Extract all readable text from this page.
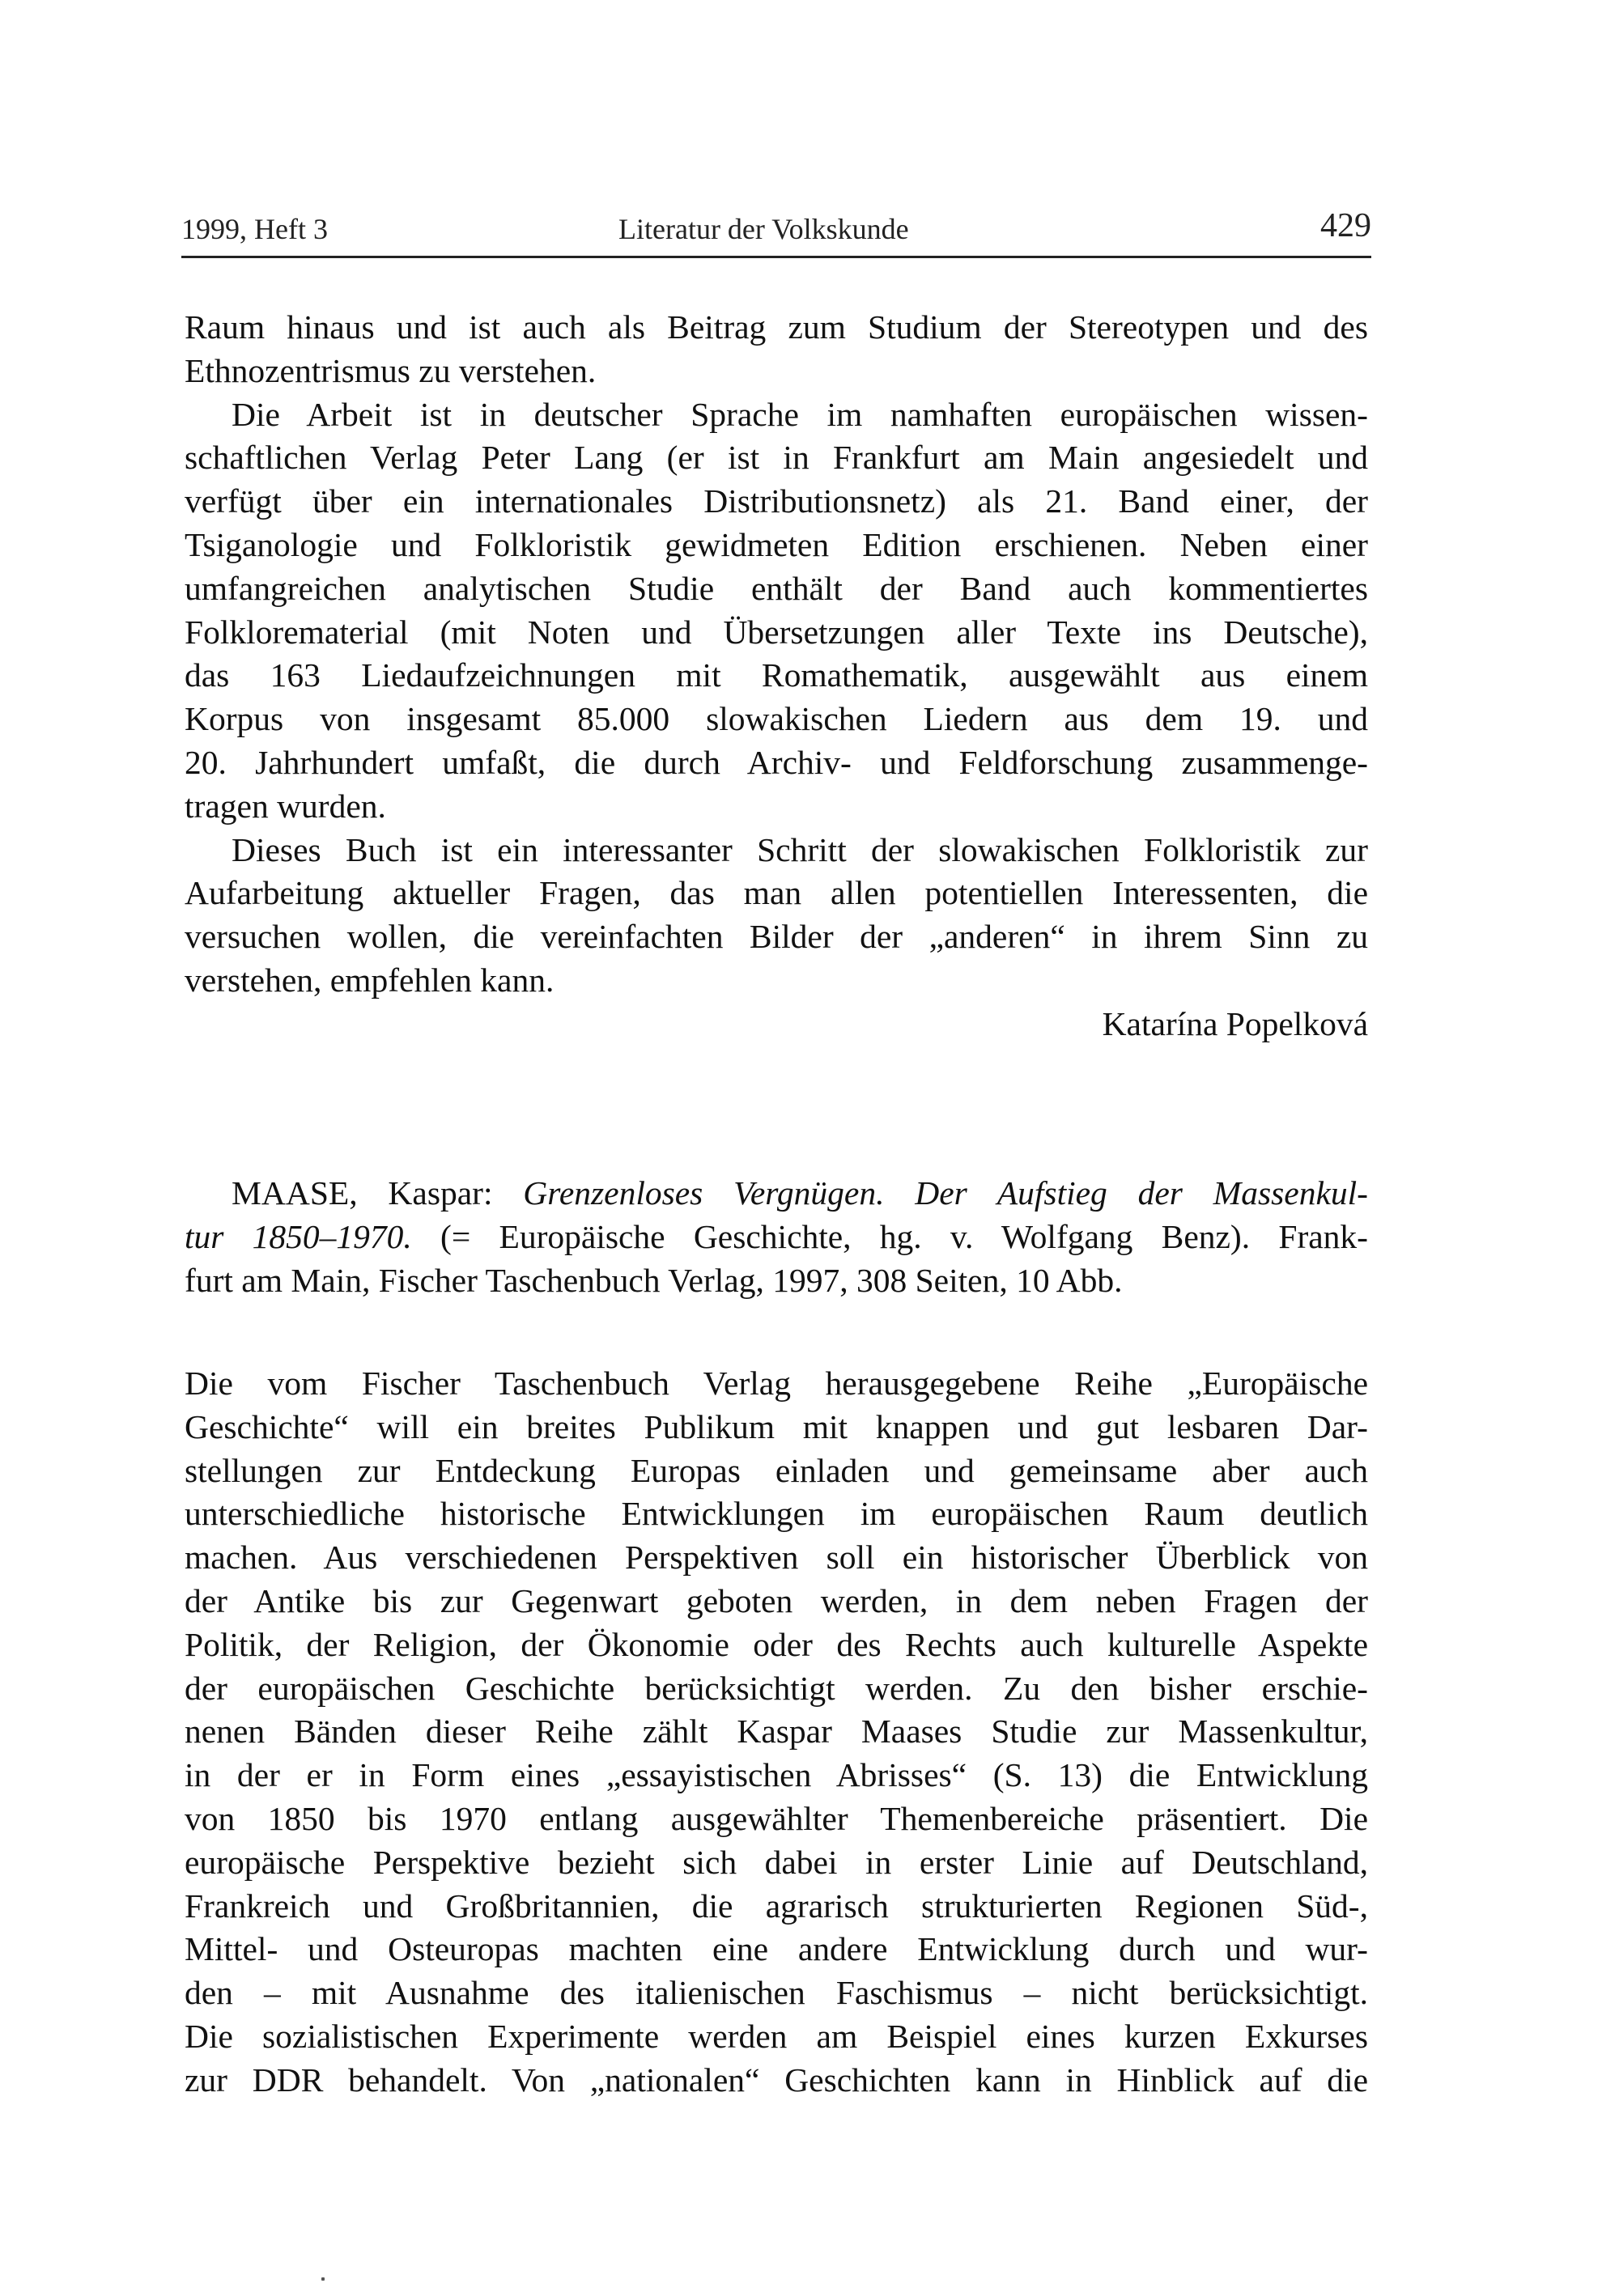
1999, Heft 3	Literatur der Volkskunde	429

Raum hinaus und ist auch als Beitrag zum Studium der Stereotypen und des
Ethnozentrismus zu verstehen.

Die Arbeit ist in deutscher Sprache im namhaften europäischen wissen-
schaftlichen Verlag Peter Lang (er ist in Frankfurt am Main angesiedelt und
verfügt über ein internationales Distributionsnetz) als 21. Band einer, der
Tsiganologie und Folkloristik gewidmeten Edition erschienen. Neben einer
umfangreichen analytischen Studie enthält der Band auch kommentiertes
Folklorematerial (mit Noten und Übersetzungen aller Texte ins Deutsche),
das 163 Liedaufzeichnungen mit Romathematik, ausgewählt aus einem
Korpus von insgesamt 85.000 slowakischen Liedern aus dem 19. und
20. Jahrhundert umfaßt, die durch Archiv- und Feldforschung zusammenge-
tragen wurden.

Dieses Buch ist ein interessanter Schritt der slowakischen Folkloristik zur
Aufarbeitung aktueller Fragen, das man allen potentiellen Interessenten, die
versuchen wollen, die vereinfachten Bilder der „anderen“ in ihrem Sinn zu
verstehen, empfehlen kann.

Katarína Popelková

MAASE, Kaspar: Grenzenloses Vergnügen. Der Aufstieg der Massenkul-
tur 1850–1970. (= Europäische Geschichte, hg. v. Wolfgang Benz). Frank-
furt am Main, Fischer Taschenbuch Verlag, 1997, 308 Seiten, 10 Abb.

Die vom Fischer Taschenbuch Verlag herausgegebene Reihe „Europäische
Geschichte“ will ein breites Publikum mit knappen und gut lesbaren Dar-
stellungen zur Entdeckung Europas einladen und gemeinsame aber auch
unterschiedliche historische Entwicklungen im europäischen Raum deutlich
machen. Aus verschiedenen Perspektiven soll ein historischer Überblick von
der Antike bis zur Gegenwart geboten werden, in dem neben Fragen der
Politik, der Religion, der Ökonomie oder des Rechts auch kulturelle Aspekte
der europäischen Geschichte berücksichtigt werden. Zu den bisher erschie-
nenen Bänden dieser Reihe zählt Kaspar Maases Studie zur Massenkultur,
in der er in Form eines „essayistischen Abrisses“ (S. 13) die Entwicklung
von 1850 bis 1970 entlang ausgewählter Themenbereiche präsentiert. Die
europäische Perspektive bezieht sich dabei in erster Linie auf Deutschland,
Frankreich und Großbritannien, die agrarisch strukturierten Regionen Süd-,
Mittel- und Osteuropas machten eine andere Entwicklung durch und wur-
den – mit Ausnahme des italienischen Faschismus – nicht berücksichtigt.
Die sozialistischen Experimente werden am Beispiel eines kurzen Exkurses
zur DDR behandelt. Von „nationalen“ Geschichten kann in Hinblick auf die
